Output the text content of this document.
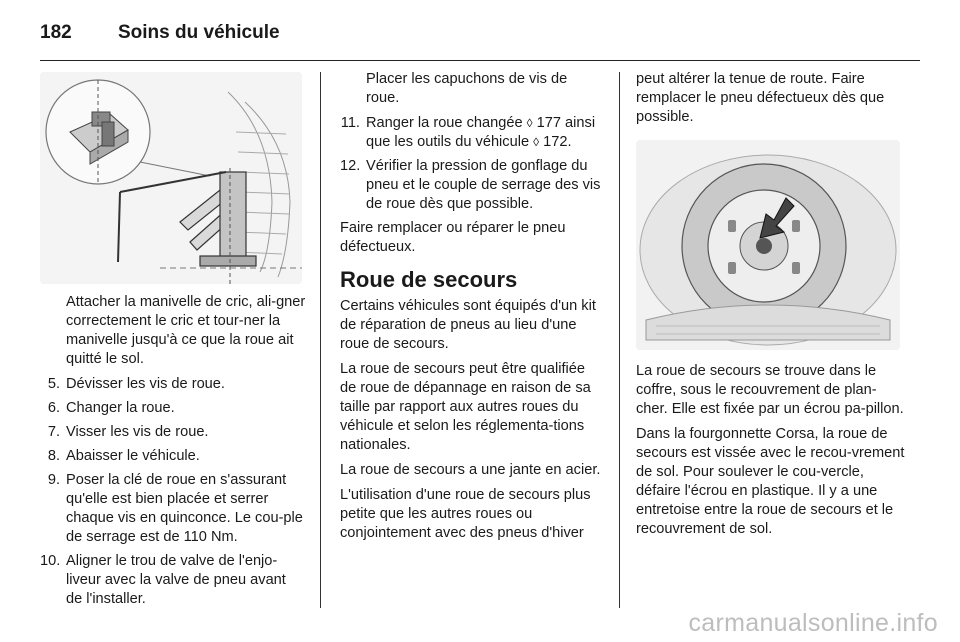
182 Soins du véhicule

Attacher la manivelle de cric, ali-gner correctement le cric et tour-ner la manivelle jusqu'à ce que la roue ait quitté le sol.

5. Dévisser les vis de roue.
6. Changer la roue.
7. Visser les vis de roue.
8. Abaisser le véhicule.
9. Poser la clé de roue en s'assurant qu'elle est bien placée et serrer chaque vis en quinconce. Le cou-ple de serrage est de 110 Nm.
10. Aligner le trou de valve de l'enjo-liveur avec la valve de pneu avant de l'installer.

Placer les capuchons de vis de roue.

11. Ranger la roue changée ◊ 177 ainsi que les outils du véhicule ◊ 172.
12. Vérifier la pression de gonflage du pneu et le couple de serrage des vis de roue dès que possible.

Faire remplacer ou réparer le pneu défectueux.

Roue de secours

Certains véhicules sont équipés d'un kit de réparation de pneus au lieu d'une roue de secours.

La roue de secours peut être qualifiée de roue de dépannage en raison de sa taille par rapport aux autres roues du véhicule et selon les réglementa-tions nationales.

La roue de secours a une jante en acier.

L'utilisation d'une roue de secours plus petite que les autres roues ou conjointement avec des pneus d'hiver

peut altérer la tenue de route. Faire remplacer le pneu défectueux dès que possible.

La roue de secours se trouve dans le coffre, sous le recouvrement de plan-cher. Elle est fixée par un écrou pa-pillon.

Dans la fourgonnette Corsa, la roue de secours est vissée avec le recou-vrement de sol. Pour soulever le cou-vercle, défaire l'écrou en plastique. Il y a une entretoise entre la roue de secours et le recouvrement de sol.

carmanualsonline.info
